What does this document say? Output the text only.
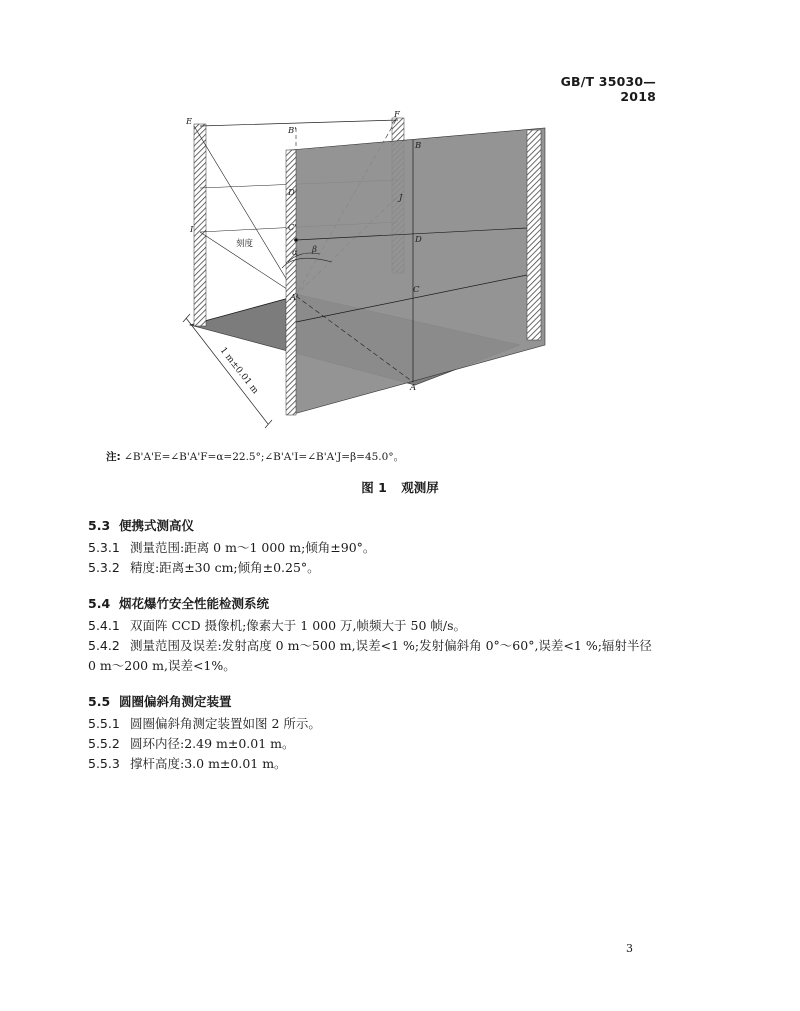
GB/T 35030—2018
1 m±0.01 m
E
F
B'
B
D'	J
C'
I
D
C
A'
A
α β
刻度
注: ∠B'A'E=∠B'A'F=α=22.5°;∠B'A'I=∠B'A'J=β=45.0°。
图 1 观测屏
5.3 便携式测高仪
5.3.1 测量范围:距离 0 m～1 000 m;倾角±90°。
5.3.2 精度:距离±30 cm;倾角±0.25°。
5.4 烟花爆竹安全性能检测系统
5.4.1 双面阵 CCD 摄像机;像素大于 1 000 万,帧频大于 50 帧/s。
5.4.2 测量范围及误差:发射高度 0 m～500 m,误差<1 %;发射偏斜角 0°～60°,误差<1 %;辐射半径
0 m～200 m,误差<1%。
5.5 圆圈偏斜角测定装置
5.5.1 圆圈偏斜角测定装置如图 2 所示。
5.5.2 圆环内径:2.49 m±0.01 m。
5.5.3 撑杆高度:3.0 m±0.01 m。
3
